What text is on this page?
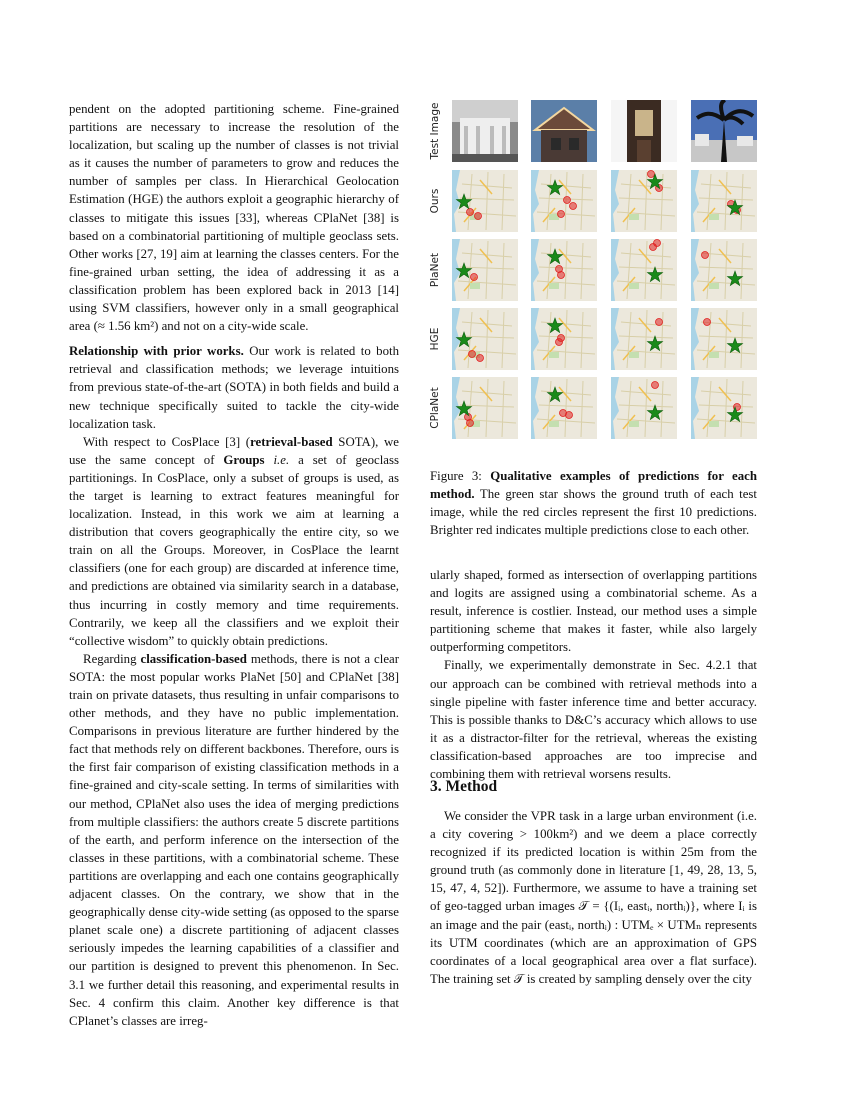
pendent on the adopted partitioning scheme. Fine-grained partitions are necessary to increase the resolution of the localization, but scaling up the number of classes is not trivial as it causes the number of parameters to grow and reduces the number of samples per class. In Hierarchical Geolocation Estimation (HGE) the authors exploit a geographic hierarchy of classes to mitigate this issues [33], whereas CPlaNet [38] is based on a combinatorial partitioning of multiple geoclass sets. Other works [27, 19] aim at learning the classes centers. For the fine-grained urban setting, the idea of addressing it as a classification problem has been explored back in 2013 [14] using SVM classifiers, however only in a small geographical area (≈ 1.56 km²) and not on a city-wide scale.

Relationship with prior works. Our work is related to both retrieval and classification methods; we leverage intuitions from previous state-of-the-art (SOTA) in both fields and build a new technique specifically suited to tackle the city-wide localization task.

With respect to CosPlace [3] (retrieval-based SOTA), we use the same concept of Groups i.e. a set of geoclass partitionings. In CosPlace, only a subset of groups is used, as the target is learning to extract features meaningful for localization. Instead, in this work we aim at learning a distribution that covers geographically the entire city, so we train on all the Groups. Moreover, in CosPlace the learnt classifiers (one for each group) are discarded at inference time, and predictions are obtained via similarity search in a database, thus incurring in costly memory and time requirements. Contrarily, we keep all the classifiers and we exploit their “collective wisdom” to quickly obtain predictions.

Regarding classification-based methods, there is not a clear SOTA: the most popular works PlaNet [50] and CPlaNet [38] train on private datasets, thus resulting in unfair comparisons to other methods, and they have no public implementation. Comparisons in previous literature are further hindered by the fact that methods rely on different backbones. Therefore, ours is the first fair comparison of existing classification methods in a fine-grained and city-scale setting. In terms of similarities with our method, CPlaNet also uses the idea of merging predictions from multiple classifiers: the authors create 5 discrete partitions of the earth, and perform inference on the intersection of the classes in these partitions, with a combinatorial scheme. These partitions are overlapping and each one contains geographically adjacent classes. On the contrary, we show that in the geographically dense city-wide setting (as opposed to the sparse planet scale one) a discrete partitioning of adjacent classes seriously impedes the learning capabilities of a classifier and our partition is designed to prevent this phenomenon. In Sec. 3.1 we further detail this reasoning, and experimental results in Sec. 4 confirm this claim. Another key difference is that CPlanet’s classes are irreg-

Test Image
Ours
PlaNet
HGE
CPlaNet
Figure 3: Qualitative examples of predictions for each method. The green star shows the ground truth of each test image, while the red circles represent the first 10 predictions. Brighter red indicates multiple predictions close to each other.

ularly shaped, formed as intersection of overlapping partitions and logits are assigned using a combinatorial scheme. As a result, inference is costlier. Instead, our method uses a simple partitioning scheme that makes it faster, while also largely outperforming competitors.

Finally, we experimentally demonstrate in Sec. 4.2.1 that our approach can be combined with retrieval methods into a single pipeline with faster inference time and better accuracy. This is possible thanks to D&C’s accuracy which allows to use it as a distractor-filter for the retrieval, whereas the existing classification-based approaches are too imprecise and combining them with retrieval worsens results.

3. Method

We consider the VPR task in a large urban environment (i.e. a city covering > 100km²) and we deem a place correctly recognized if its predicted location is within 25m from the ground truth (as commonly done in literature [1, 49, 28, 13, 5, 15, 47, 4, 52]). Furthermore, we assume to have a training set of geo-tagged urban images 𝒯 = {(Iᵢ, eastᵢ, northᵢ)}, where Iᵢ is an image and the pair (eastᵢ, northᵢ) : UTMₑ × UTMₙ represents its UTM coordinates (which are an approximation of GPS coordinates of a local geographical area over a flat surface). The training set 𝒯 is created by sampling densely over the city
